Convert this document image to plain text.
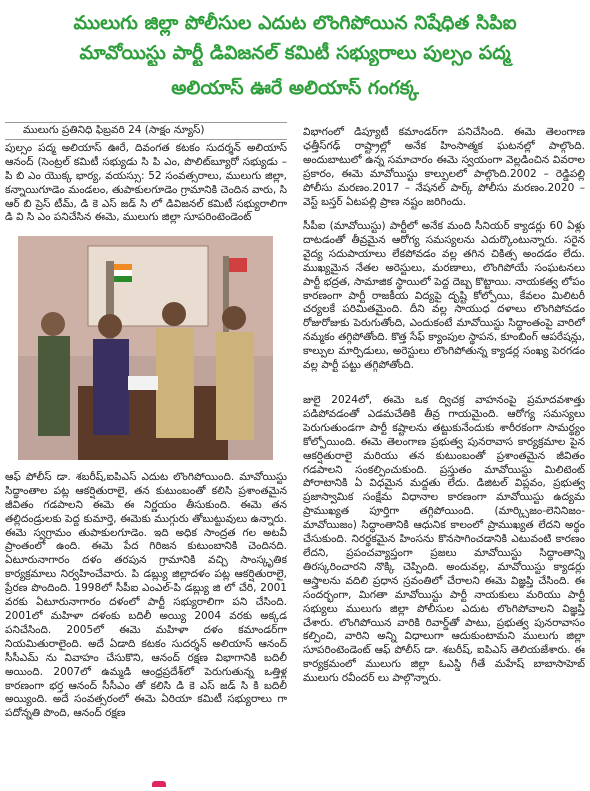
ములుగు జిల్లా పోలీసుల ఎదుట లొంగిపోయిన నిషేధిత సిపిఐ
మావోయిస్టు పార్టీ డివిజనల్ కమిటీ సభ్యురాలు పుల్సం పద్మ
అలియాస్ ఊరే అలియాస్ గంగక్క
ములుగు ప్రతినిధి ఫిబ్రవరి 24 (సాక్షం న్యూస్)
పుల్సం పద్మ అలియాస్ ఊరే, దివంగత కటకం సుదర్శన్ అలియాస్ ఆనంద్ (సెంట్రల్ కమిటీ సభ్యుడు సి పి ఎం, పొలిట్‌బ్యూరో సభ్యుడు – పి బి ఎం యొక్క భార్య, వయస్సు: 52 సంవత్సరాలు, ములుగు జిల్లా, కన్నాయిగూడెం మండలం, తుపాకులగూడెం గ్రామానికి చెందిన వారు, సి ఆర్ బి ప్రెస్ టీమ్, డి కె ఎస్ జడ్ సి లో డివిజనల్ కమిటీ సభ్యురాలిగా డి వి సి ఎం పనిచేసిన ఈమె, ములుగు జిల్లా సూపరింటెండెంట్
ఆఫ్ పోలీస్ డా. శబరీష్,ఐపిఎస్ ఎదుట లొంగిపోయింది. మావోయిస్టు సిద్ధాంతాల పట్ల ఆకర్షితురాలై, తన కుటుంబంతో కలిసి ప్రశాంతమైన జీవితం గడపాలని ఈమె ఈ నిర్ణయం తీసుకుంది. ఈమె తన తల్లిదండ్రులకు పెద్ద కుమార్తె, ఈమెకు ముగ్గురు తోబుట్టువులు ఉన్నారు. ఈమె స్వగ్రామం తుపాకులగూడెం. ఇది అధిక సాంద్రత గల అటవీ ప్రాంతంలో ఉంది. ఈమె పేద గిరిజన కుటుంబానికి చెందినది. ఏటూరునాగారం దళం తరపున గ్రామానికి వచ్చి సాంస్కృతిక కార్యక్రమాలు నిర్వహించేవారు. పి డబ్ల్యు జిల్లాదళం పట్ల ఆకర్షితురాలై, ప్రేరణ పొందింది. 1998లో సీపీఐ ఎంఎల్-పి డబ్ల్యు జి లో చేరి, 2001 వరకు ఏటూరునాగారం దళంలో పార్టీ సభ్యురాలిగా పని చేసింది. 2001లో మహిళా దళంకు బదిలీ అయ్యి 2004 వరకు అక్కడ పనిచేసింది. 2005లో ఈమె మహిళా దళం కమాండర్‌గా నియమితురాలైంది. అదే ఏడాది కటకం సుదర్శన్ అలియాస్ ఆనంద్ సీసీఎమ్ ను వివాహం చేసుకొని, ఆనంద్ రక్షణ విభాగానికి బదిలీ అయింది. 2007లో ఉమ్మడి ఆంధ్రప్రదేశ్‌లో పెరుగుతున్న ఒత్తిళ్ల కారణంగా భర్త ఆనంద్ సీసీఎం తో కలిసి డి కె ఎస్ జడ్ సి కి బదిలీ అయ్యింది. అదే సంవత్సరంలో ఈమె ఏరియా కమిటీ సభ్యురాలు గా పదోన్నతి పొంది, ఆనంద్ రక్షణ
విభాగంలో డిప్యూటీ కమాండర్‌గా పనిచేసింది. ఈమె తెలంగాణ ఛత్తీస్‌గఢ్ రాష్ట్రాల్లో అనేక హింసాత్మక ఘటనల్లో పాల్గొంది. అందుబాటులో ఉన్న సమాచారం ఈమె స్వయంగా వెల్లడించిన వివరాల ప్రకారం, ఈమె మావోయిస్టు కాల్పులలో పాల్గొంది.2002 – రెడ్డిపల్లి పోలీసు మరణం.2017 – నేషనల్ పార్క్ పోలీసు మరణం.2020 – వెస్ట్ బస్తర్ ఏటపల్లి ప్రాణ నష్టం జరిగిందు.
సీపీఐ (మావోయిస్టు) పార్టీలో అనేక మంది సీనియర్ క్యాడర్లు 60 ఏళ్లు దాటడంతో తీవ్రమైన ఆరోగ్య సమస్యలను ఎదుర్కొంటున్నారు. సరైన వైద్య సదుపాయాలు లేకపోవడం వల్ల తగిన చికిత్స అందడం లేదు. ముఖ్యమైన నేతల అరెస్టులు, మరణాలు, లొంగిపోయే సంఘటనలు పార్టీ భద్రత, సామాజిక స్థాయిలో పెద్ద దెబ్బ కొట్టాయి. నాయకత్వ లోపం కారణంగా పార్టీ రాజకీయ విద్యపై దృష్టి కోల్పోయి, కేవలం మిలిటరీ చర్యలకే పరిమితమైంది. దీని వల్ల సాయుధ దళాలు లొంగిపోవడం రోజురోజుకు పెరుగుతోంది, ఎందుకంటే మావోయిస్టు సిద్ధాంతంపై వారిలో నమ్మకం తగ్గిపోతోంది. కొత్త సేఫ్ క్యాంపుల స్థాపన, కూంబింగ్ ఆపరేషన్లు, కాల్పుల మార్పిడులు, అరెస్టులు లొంగిపోతున్న క్యాడర్ల సంఖ్య పెరగడం వల్ల పార్టీ పట్టు తగ్గిపోతోంది.
జులై 2024లో, ఈమె ఒక ద్విచక్ర వాహనంపై ప్రమాదవశాత్తు పడిపోవడంతో ఎడమచేతికి తీవ్ర గాయమైంది. ఆరోగ్య సమస్యలు పెరుగుతుండగా పార్టీ కష్టాలను తట్టుకునేందుకు శారీరకంగా సామర్థ్యం కోల్పోయింది. ఈమె తెలంగాణ ప్రభుత్వ పునరావాస కార్యక్రమాల పైన ఆకర్షితురాలై మరియు తన కుటుంబంతో ప్రశాంతమైన జీవితం గడపాలని సంకల్పించుకుంది. ప్రస్తుతం మావోయిస్టు మిలిటెంట్ పోరాటానికి ఏ విధమైన మద్దతు లేదు. డిజిటల్ విప్లవం, ప్రభుత్వ ప్రజాస్వామిక సంక్షేమ విధానాల కారణంగా మావోయిస్టు ఉద్యమ ప్రాముఖ్యత పూర్తిగా తగ్గిపోయింది. (మార్క్సిజం-లెనినిజం-మావోయిజం) సిద్ధాంతానికి ఆధునిక కాలంలో ప్రాముఖ్యత లేదని అర్థం చేసుకుంది. నిరర్థకమైన హింసను కొనసాగించడానికి ఎటువంటి కారణం లేదని, ప్రపంచవ్యాప్తంగా ప్రజలు మావోయిస్టు సిద్ధాంతాన్ని తిరస్కరించారని నొక్కి చెప్పింది. అందువల్ల, మావోయిస్టు క్యాడర్లు ఆస్త్రాలను వదిలి ప్రధాన స్రవంతిలో చేరాలని ఈమె విజ్ఞప్తి చేసింది. ఈ సందర్భంగా, మిగతా మావోయిస్టు పార్టీ నాయకులు మరియు పార్టీ సభ్యులు ములుగు జిల్లా పోలీసుల ఎదుట లొంగిపోవాలని విజ్ఞప్తి చేశారు. లొంగిపోయిన వారికి రివార్డ్‌తో పాటు, ప్రభుత్వ పునరావాసం కల్పించి, వారిని అన్ని విధాలుగా ఆదుకుంటామని ములుగు జిల్లా సూపరింటెండెంట్ ఆఫ్ పోలీస్ డా. శబరీష్, ఐపిఎస్ తెలియజేశారు. ఈ కార్యక్రమంలో ములుగు జిల్లా ఓఎస్డి గీతే మహేష్ బాబాసాహెబ్ ములుగు రవీందర్ లు పాల్గొన్నారు.
